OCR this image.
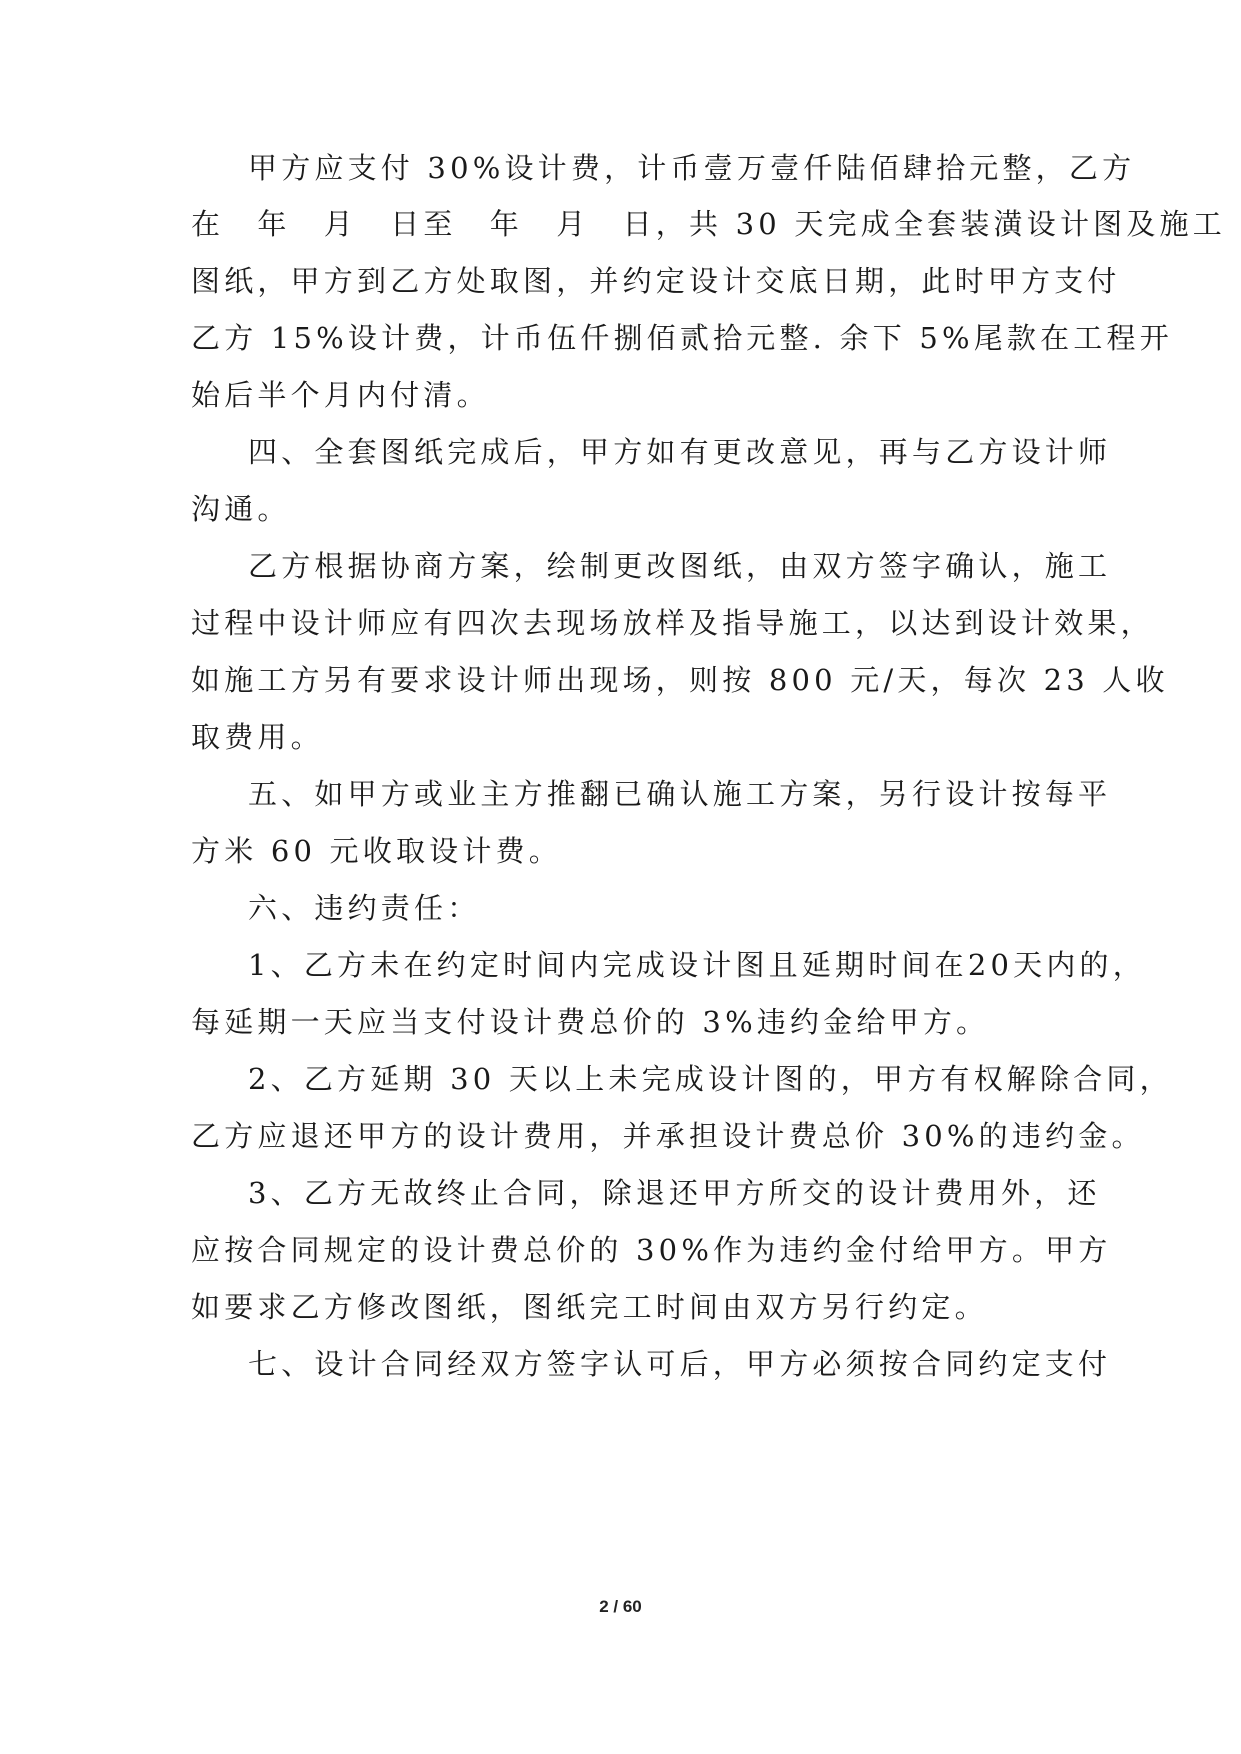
甲方应支付 30%设计费，计币壹万壹仟陆佰肆拾元整，乙方
在　年　月　日至　年　月　日，共 30 天完成全套装潢设计图及施工
图纸，甲方到乙方处取图，并约定设计交底日期，此时甲方支付
乙方 15%设计费，计币伍仟捌佰贰拾元整. 余下 5%尾款在工程开
始后半个月内付清。
四、全套图纸完成后，甲方如有更改意见，再与乙方设计师
沟通。
乙方根据协商方案，绘制更改图纸，由双方签字确认，施工
过程中设计师应有四次去现场放样及指导施工，以达到设计效果，
如施工方另有要求设计师出现场，则按 800 元/天，每次 23 人收
取费用。
五、如甲方或业主方推翻已确认施工方案，另行设计按每平
方米 60 元收取设计费。
六、违约责任：
1、乙方未在约定时间内完成设计图且延期时间在20天内的，
每延期一天应当支付设计费总价的 3%违约金给甲方。
2、乙方延期 30 天以上未完成设计图的，甲方有权解除合同，
乙方应退还甲方的设计费用，并承担设计费总价 30%的违约金。
3、乙方无故终止合同，除退还甲方所交的设计费用外，还
应按合同规定的设计费总价的 30%作为违约金付给甲方。甲方
如要求乙方修改图纸，图纸完工时间由双方另行约定。
七、设计合同经双方签字认可后，甲方必须按合同约定支付
2 / 60
